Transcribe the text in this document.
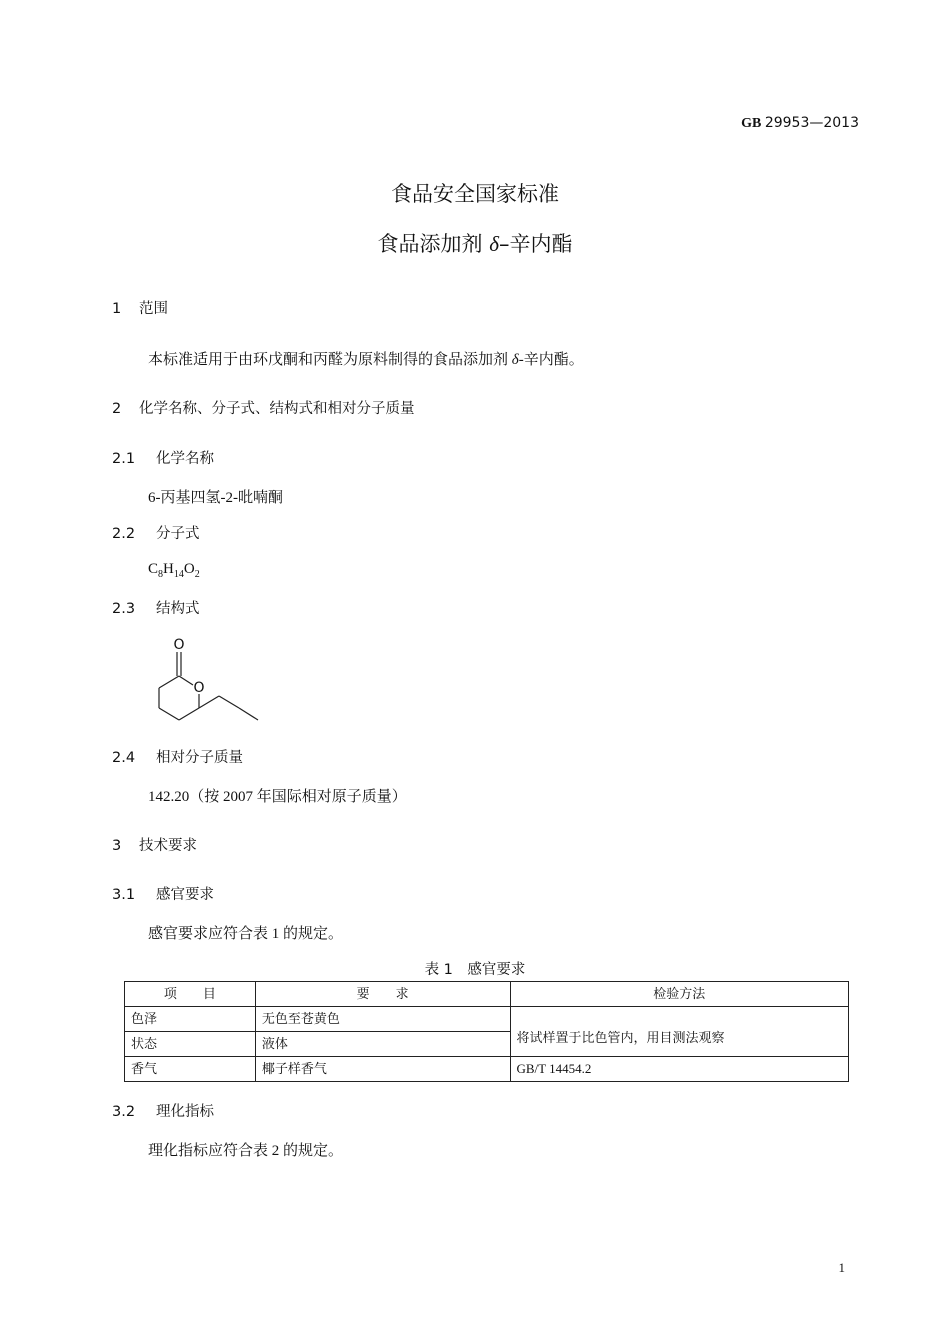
GB 29953—2013
食品安全国家标准
食品添加剂 δ–辛内酯
1 范围
本标准适用于由环戊酮和丙醛为原料制得的食品添加剂 δ-辛内酯。
2 化学名称、分子式、结构式和相对分子质量
2.1 化学名称
6-丙基四氢-2-吡喃酮
2.2 分子式
$C_8H_{14}O_2$
2.3 结构式
O
O
2.4 相对分子质量
142.20（按 2007 年国际相对原子质量）
3 技术要求
3.1 感官要求
感官要求应符合表 1 的规定。
表 1　感官要求
项　　目	要　　求	检验方法
色泽	无色至苍黄色	将试样置于比色管内，用目测法观察
状态	液体	
香气	椰子样香气	GB/T 14454.2
3.2 理化指标
理化指标应符合表 2 的规定。
1
